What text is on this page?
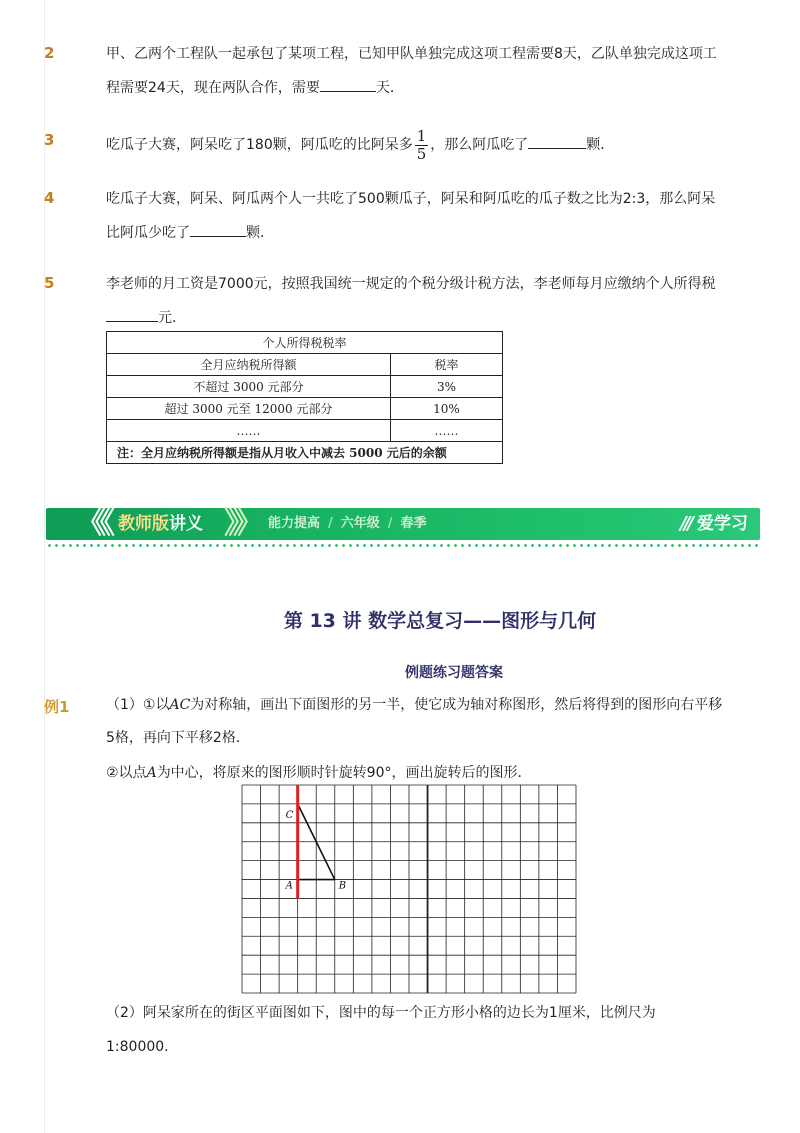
2	甲、乙两个工程队一起承包了某项工程，已知甲队单独完成这项工程需要8天，乙队单独完成这项工程需要24天，现在两队合作，需要	天．
3	吃瓜子大赛，阿呆吃了180颗，阿瓜吃的比阿呆多 $\frac{1}{5}$ ，那么阿瓜吃了	颗．
4	吃瓜子大赛，阿呆、阿瓜两个人一共吃了500颗瓜子，阿呆和阿瓜吃的瓜子数之比为2:3，那么阿呆比阿瓜少吃了	颗．
5	李老师的月工资是7000元，按照我国统一规定的个税分级计税方法，李老师每月应缴纳个人所得税元．
个人所得税税率	
全月应纳税所得额	税率
不超过 3000 元部分	3%
超过 3000 元至 12000 元部分	10%
……	……
注：全月应纳税所得额是指从月收入中减去 5000 元后的余额	
《《 教师版讲义 》》 能力提高 / 六年级 / 春季	/// 爱学习
第 13 讲 数学总复习——图形与几何
例题练习题答案
例1	（1）①以AC为对称轴，画出下面图形的另一半，使它成为轴对称图形，然后将得到的图形向右平移5格，再向下平移2格．
②以点A为中心，将原来的图形顺时针旋转90°，画出旋转后的图形．
C
A	B
（2）阿呆家所在的街区平面图如下，图中的每一个正方形小格的边长为1厘米，比例尺为1:80000．
